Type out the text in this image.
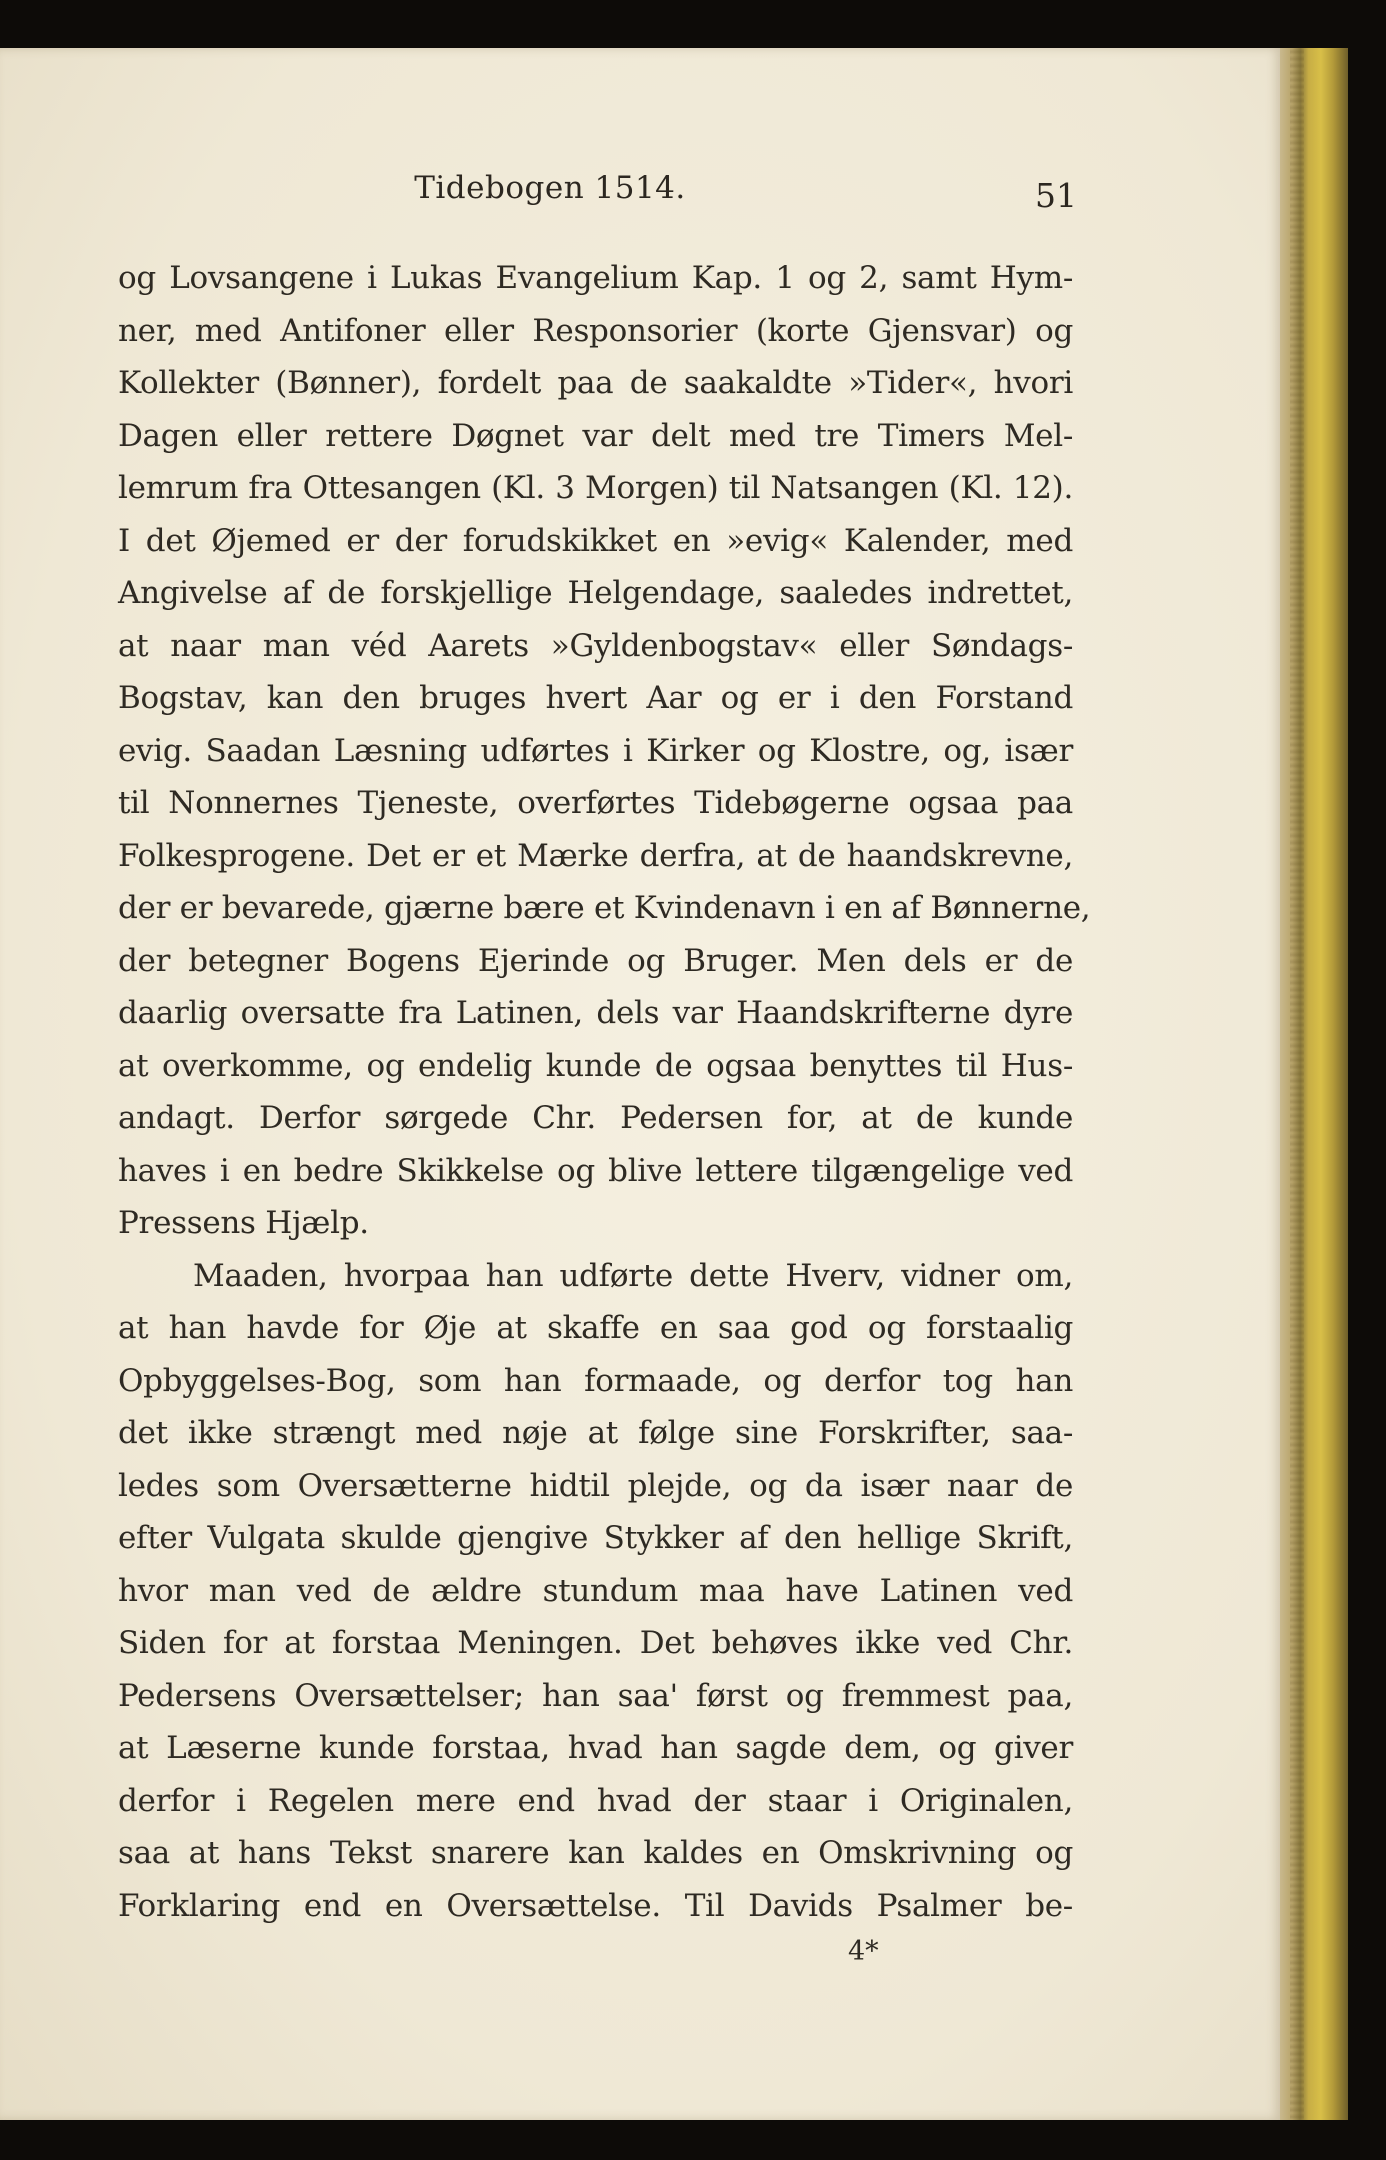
Tidebogen 1514.	51
og Lovsangene i Lukas Evangelium Kap. 1 og 2, samt Hym-
ner, med Antifoner eller Responsorier (korte Gjensvar) og
Kollekter (Bønner), fordelt paa de saakaldte »Tider«, hvori
Dagen eller rettere Døgnet var delt med tre Timers Mel-
lemrum fra Ottesangen (Kl. 3 Morgen) til Natsangen (Kl. 12).
I det Øjemed er der forudskikket en »evig« Kalender, med
Angivelse af de forskjellige Helgendage, saaledes indrettet,
at naar man véd Aarets »Gyldenbogstav« eller Søndags-
Bogstav, kan den bruges hvert Aar og er i den Forstand
evig. Saadan Læsning udførtes i Kirker og Klostre, og, især
til Nonnernes Tjeneste, overførtes Tidebøgerne ogsaa paa
Folkesprogene. Det er et Mærke derfra, at de haandskrevne,
der er bevarede, gjærne bære et Kvindenavn i en af Bønnerne,
der betegner Bogens Ejerinde og Bruger. Men dels er de
daarlig oversatte fra Latinen, dels var Haandskrifterne dyre
at overkomme, og endelig kunde de ogsaa benyttes til Hus-
andagt. Derfor sørgede Chr. Pedersen for, at de kunde
haves i en bedre Skikkelse og blive lettere tilgængelige ved
Pressens Hjælp.
Maaden, hvorpaa han udførte dette Hverv, vidner om,
at han havde for Øje at skaffe en saa god og forstaalig
Opbyggelses-Bog, som han formaade, og derfor tog han
det ikke strængt med nøje at følge sine Forskrifter, saa-
ledes som Oversætterne hidtil plejde, og da især naar de
efter Vulgata skulde gjengive Stykker af den hellige Skrift,
hvor man ved de ældre stundum maa have Latinen ved
Siden for at forstaa Meningen. Det behøves ikke ved Chr.
Pedersens Oversættelser; han saa' først og fremmest paa,
at Læserne kunde forstaa, hvad han sagde dem, og giver
derfor i Regelen mere end hvad der staar i Originalen,
saa at hans Tekst snarere kan kaldes en Omskrivning og
Forklaring end en Oversættelse. Til Davids Psalmer be-
4*
